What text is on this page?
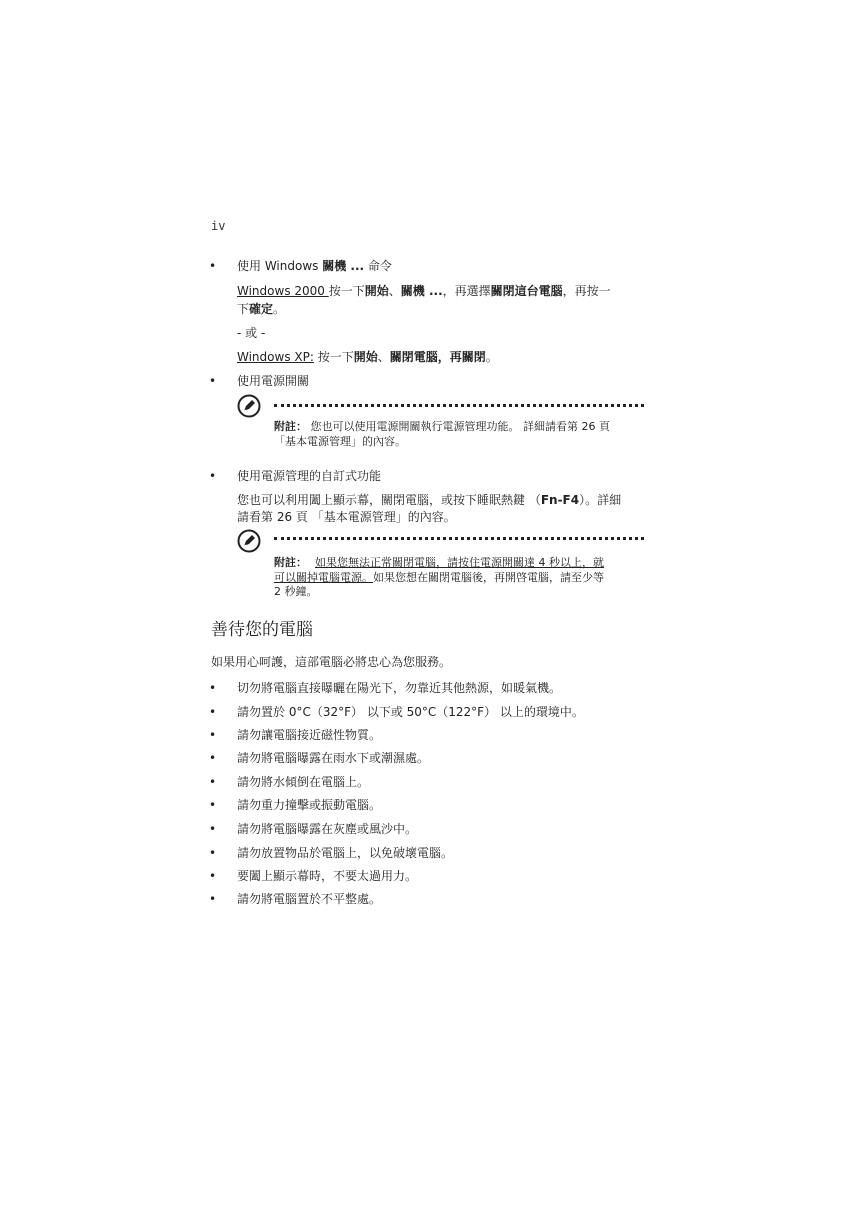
iv
• 使用 Windows 關機 ... 命令
Windows 2000 按一下開始、關機 ...，再選擇關閉這台電腦，再按一
下確定。
- 或 -
Windows XP: 按一下開始、關閉電腦，再關閉。
• 使用電源開關
附註： 您也可以使用電源開關執行電源管理功能。 詳細請看第 26 頁
「基本電源管理」的內容。
• 使用電源管理的自訂式功能
您也可以利用闔上顯示幕，關閉電腦，或按下睡眠熱鍵 （Fn-F4）。詳細
請看第 26 頁 「基本電源管理」的內容。
附註： 如果您無法正常關閉電腦，請按住電源開關達 4 秒以上，就
可以關掉電腦電源。如果您想在關閉電腦後，再開啓電腦，請至少等
2 秒鐘。
善待您的電腦
如果用心呵護，這部電腦必將忠心為您服務。
• 切勿將電腦直接曝曬在陽光下，勿靠近其他熱源，如暖氣機。
• 請勿置於 0°C（32°F） 以下或 50°C（122°F） 以上的環境中。
• 請勿讓電腦接近磁性物質。
• 請勿將電腦曝露在雨水下或潮濕處。
• 請勿將水傾倒在電腦上。
• 請勿重力撞擊或振動電腦。
• 請勿將電腦曝露在灰塵或風沙中。
• 請勿放置物品於電腦上，以免破壞電腦。
• 要闔上顯示幕時，不要太過用力。
• 請勿將電腦置於不平整處。
